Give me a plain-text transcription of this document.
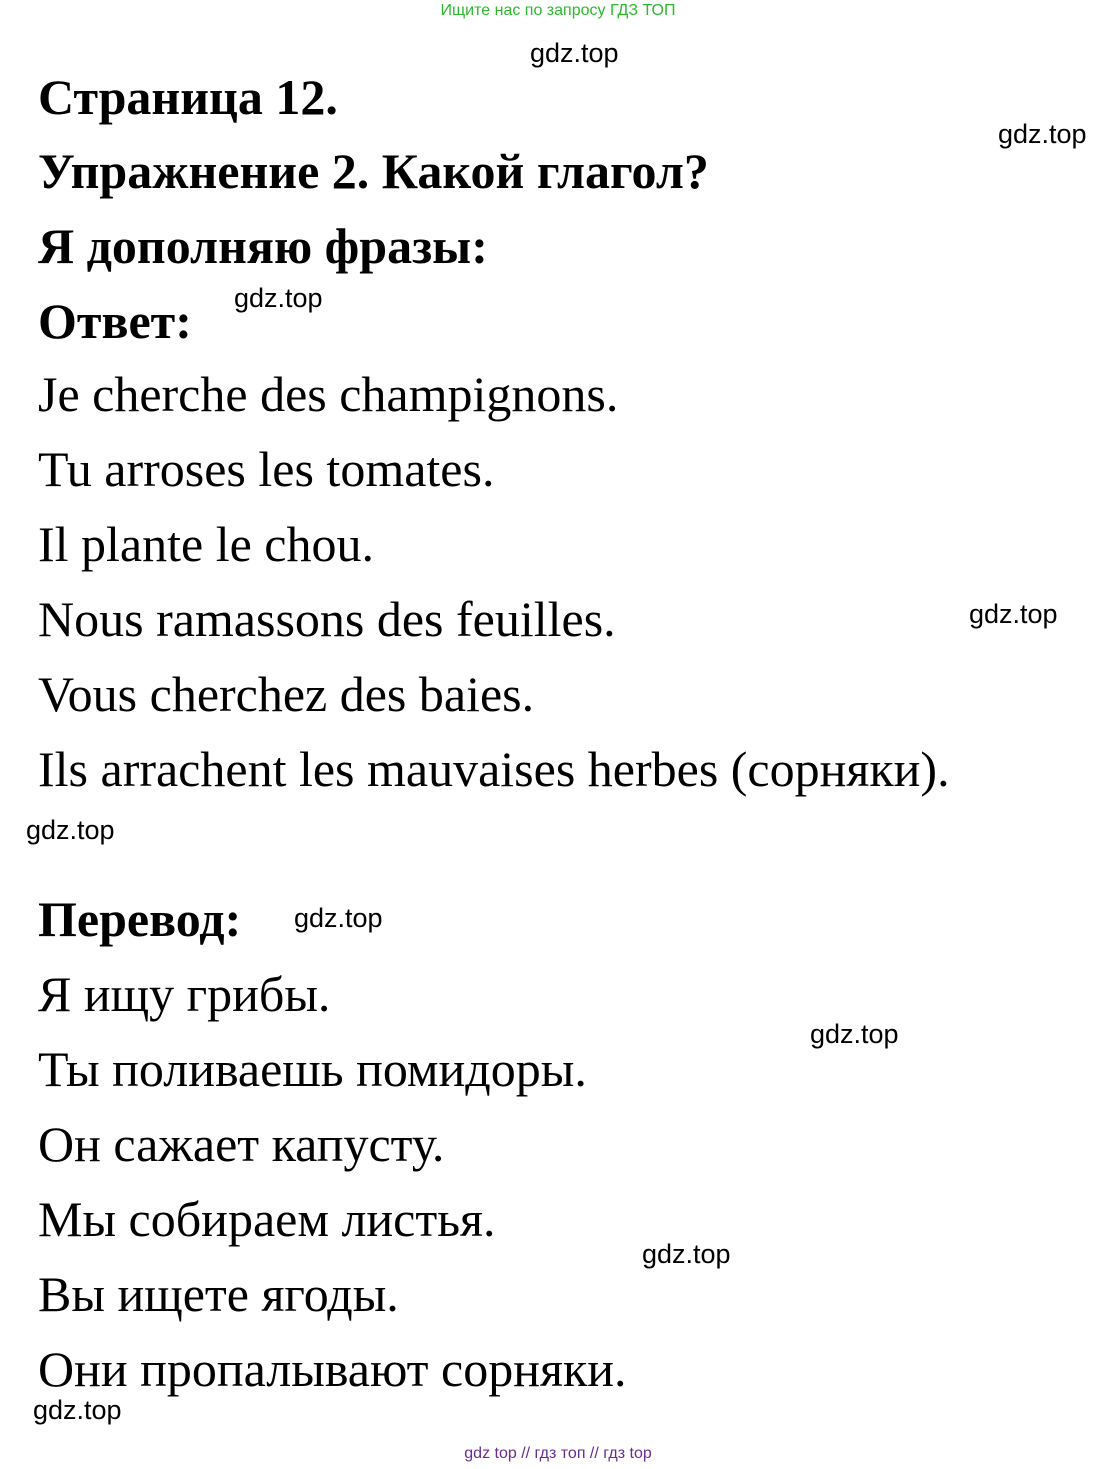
Ищите нас по запросу ГДЗ ТОП
Страница 12.
Упражнение 2. Какой глагол?
Я дополняю фразы:
Ответ:
Je cherche des champignons.
Tu arroses les tomates.
Il plante le chou.
Nous ramassons des feuilles.
Vous cherchez des baies.
Ils arrachent les mauvaises herbes (сорняки).
Перевод:
Я ищу грибы.
Ты поливаешь помидоры.
Он сажает капусту.
Мы собираем листья.
Вы ищете ягоды.
Они пропалывают сорняки.
gdz.top
gdz.top
gdz.top
gdz.top
gdz.top
gdz.top
gdz.top
gdz.top
gdz.top
gdz top // гдз топ // гдз top
